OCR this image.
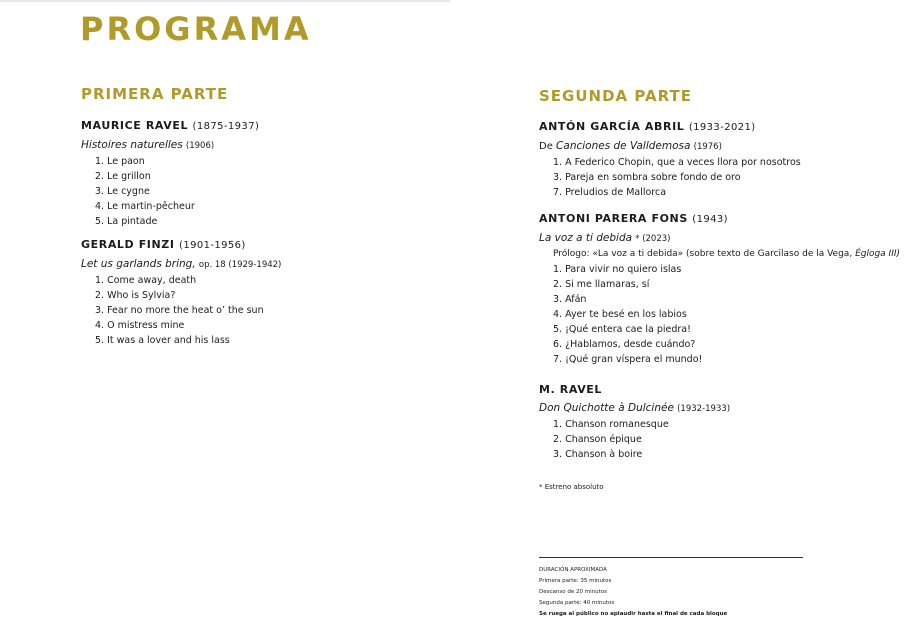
PROGRAMA
PRIMERA PARTE
MAURICE RAVEL (1875-1937)
Histoires naturelles (1906)
1. Le paon
2. Le grillon
3. Le cygne
4. Le martin-pêcheur
5. La pintade
GERALD FINZI (1901-1956)
Let us garlands bring, op. 18 (1929-1942)
1. Come away, death
2. Who is Sylvia?
3. Fear no more the heat o’ the sun
4. O mistress mine
5. It was a lover and his lass
SEGUNDA PARTE
ANTÓN GARCÍA ABRIL (1933-2021)
De Canciones de Valldemosa (1976)
1. A Federico Chopin, que a veces llora por nosotros
3. Pareja en sombra sobre fondo de oro
7. Preludios de Mallorca
ANTONI PARERA FONS (1943)
La voz a ti debida * (2023)
Prólogo: «La voz a ti debida» (sobre texto de Garcilaso de la Vega, Égloga III)
1. Para vivir no quiero islas
2. Si me llamaras, sí
3. Afán
4. Ayer te besé en los labios
5. ¡Qué entera cae la piedra!
6. ¿Hablamos, desde cuándo?
7. ¡Qué gran víspera el mundo!
M. RAVEL
Don Quichotte à Dulcinée (1932-1933)
1. Chanson romanesque
2. Chanson épique
3. Chanson à boire
* Estreno absoluto
DURACIÓN APROXIMADA
Primera parte: 35 minutos
Descanso de 20 minutos
Segunda parte: 40 minutos
Se ruega al público no aplaudir hasta el final de cada bloque
